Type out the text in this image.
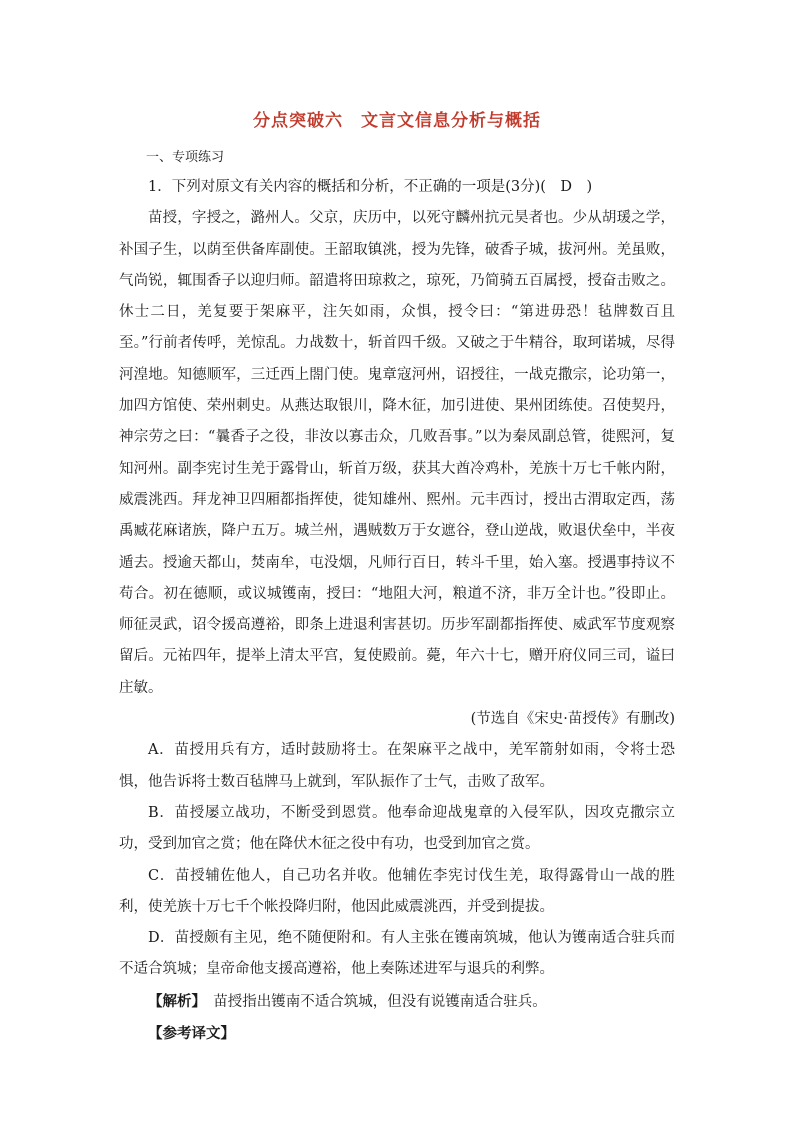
分点突破六　文言文信息分析与概括
一、专项练习

1．下列对原文有关内容的概括和分析，不正确的一项是(3分)(　D　)

苗授，字授之，潞州人。父京，庆历中，以死守麟州抗元昊者也。少从胡瑗之学，补国子生，以荫至供备库副使。王韶取镇洮，授为先锋，破香子城，拔河州。羌虽败，气尚锐，辄围香子以迎归师。韶遣将田琼救之，琼死，乃简骑五百属授，授奋击败之。休士二日，羌复要于架麻平，注矢如雨，众惧，授令曰：“第进毋恐！毡牌数百且至。”行前者传呼，羌惊乱。力战数十，斩首四千级。又破之于牛精谷，取珂诺城，尽得河湟地。知德顺军，三迁西上閤门使。鬼章寇河州，诏授往，一战克撒宗，论功第一，加四方馆使、荣州刺史。从燕达取银川，降木征，加引进使、果州团练使。召使契丹，神宗劳之曰：“曩香子之役，非汝以寡击众，几败吾事。”以为秦凤副总管，徙熙河，复知河州。副李宪讨生羌于露骨山，斩首万级，获其大酋冷鸡朴，羌族十万七千帐内附，威震洮西。拜龙神卫四厢都指挥使，徙知雄州、熙州。元丰西讨，授出古渭取定西，荡禹臧花麻诸族，降户五万。城兰州，遇贼数万于女遮谷，登山逆战，败退伏垒中，半夜遁去。授逾天都山，焚南牟，屯没烟，凡师行百日，转斗千里，始入塞。授遇事持议不苟合。初在德顺，或议城镬南，授曰：“地阻大河，粮道不济，非万全计也。”役即止。师征灵武，诏令援高遵裕，即条上进退利害甚切。历步军副都指挥使、威武军节度观察留后。元祐四年，提举上清太平宫，复使殿前。薨，年六十七，赠开府仪同三司，谥曰庄敏。

(节选自《宋史·苗授传》有删改)

A．苗授用兵有方，适时鼓励将士。在架麻平之战中，羌军箭射如雨，令将士恐惧，他告诉将士数百毡牌马上就到，军队振作了士气，击败了敌军。

B．苗授屡立战功，不断受到恩赏。他奉命迎战鬼章的入侵军队，因攻克撒宗立功，受到加官之赏；他在降伏木征之役中有功，也受到加官之赏。

C．苗授辅佐他人，自己功名并收。他辅佐李宪讨伐生羌，取得露骨山一战的胜利，使羌族十万七千个帐投降归附，他因此威震洮西，并受到提拔。

D．苗授颇有主见，绝不随便附和。有人主张在镬南筑城，他认为镬南适合驻兵而不适合筑城；皇帝命他支援高遵裕，他上奏陈述进军与退兵的利弊。

【解析】　苗授指出镬南不适合筑城，但没有说镬南适合驻兵。

【参考译文】
